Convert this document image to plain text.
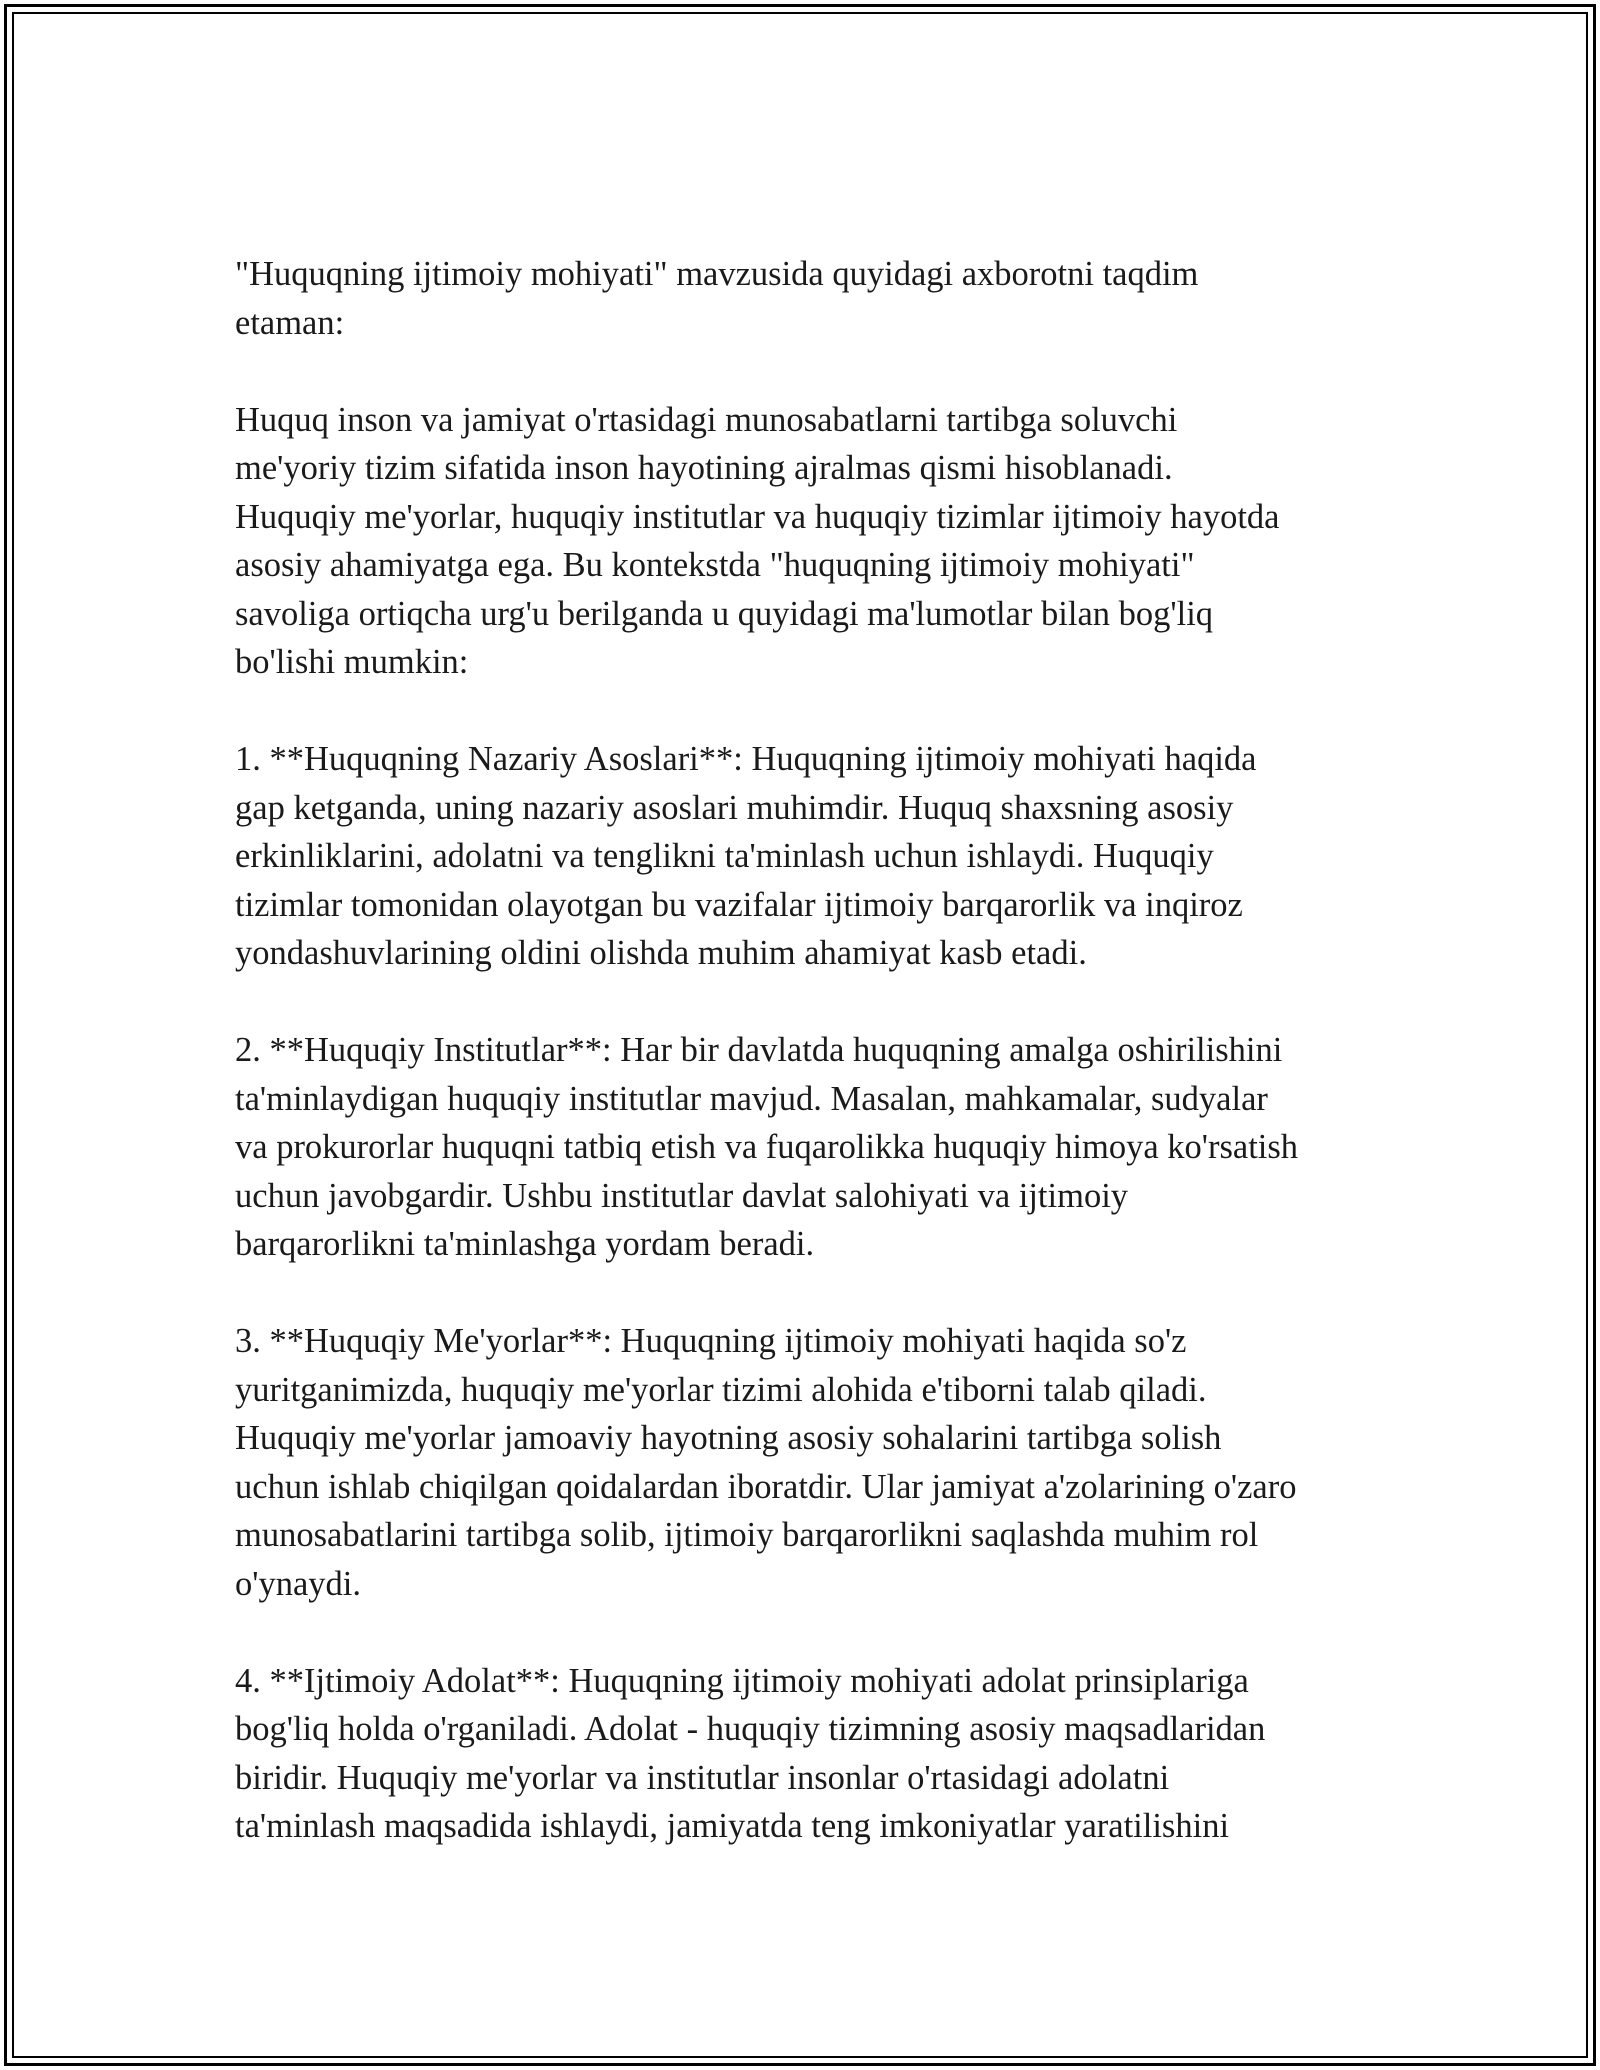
"Huquqning ijtimoiy mohiyati" mavzusida quyidagi axborotni taqdim
etaman:

Huquq inson va jamiyat o'rtasidagi munosabatlarni tartibga soluvchi
me'yoriy tizim sifatida inson hayotining ajralmas qismi hisoblanadi.
Huquqiy me'yorlar, huquqiy institutlar va huquqiy tizimlar ijtimoiy hayotda
asosiy ahamiyatga ega. Bu kontekstda "huquqning ijtimoiy mohiyati"
savoliga ortiqcha urg'u berilganda u quyidagi ma'lumotlar bilan bog'liq
bo'lishi mumkin:

1. **Huquqning Nazariy Asoslari**: Huquqning ijtimoiy mohiyati haqida
gap ketganda, uning nazariy asoslari muhimdir. Huquq shaxsning asosiy
erkinliklarini, adolatni va tenglikni ta'minlash uchun ishlaydi. Huquqiy
tizimlar tomonidan olayotgan bu vazifalar ijtimoiy barqarorlik va inqiroz
yondashuvlarining oldini olishda muhim ahamiyat kasb etadi.

2. **Huquqiy Institutlar**: Har bir davlatda huquqning amalga oshirilishini
ta'minlaydigan huquqiy institutlar mavjud. Masalan, mahkamalar, sudyalar
va prokurorlar huquqni tatbiq etish va fuqarolikka huquqiy himoya ko'rsatish
uchun javobgardir. Ushbu institutlar davlat salohiyati va ijtimoiy
barqarorlikni ta'minlashga yordam beradi.

3. **Huquqiy Me'yorlar**: Huquqning ijtimoiy mohiyati haqida so'z
yuritganimizda, huquqiy me'yorlar tizimi alohida e'tiborni talab qiladi.
Huquqiy me'yorlar jamoaviy hayotning asosiy sohalarini tartibga solish
uchun ishlab chiqilgan qoidalardan iboratdir. Ular jamiyat a'zolarining o'zaro
munosabatlarini tartibga solib, ijtimoiy barqarorlikni saqlashda muhim rol
o'ynaydi.

4. **Ijtimoiy Adolat**: Huquqning ijtimoiy mohiyati adolat prinsiplariga
bog'liq holda o'rganiladi. Adolat - huquqiy tizimning asosiy maqsadlaridan
biridir. Huquqiy me'yorlar va institutlar insonlar o'rtasidagi adolatni
ta'minlash maqsadida ishlaydi, jamiyatda teng imkoniyatlar yaratilishini
